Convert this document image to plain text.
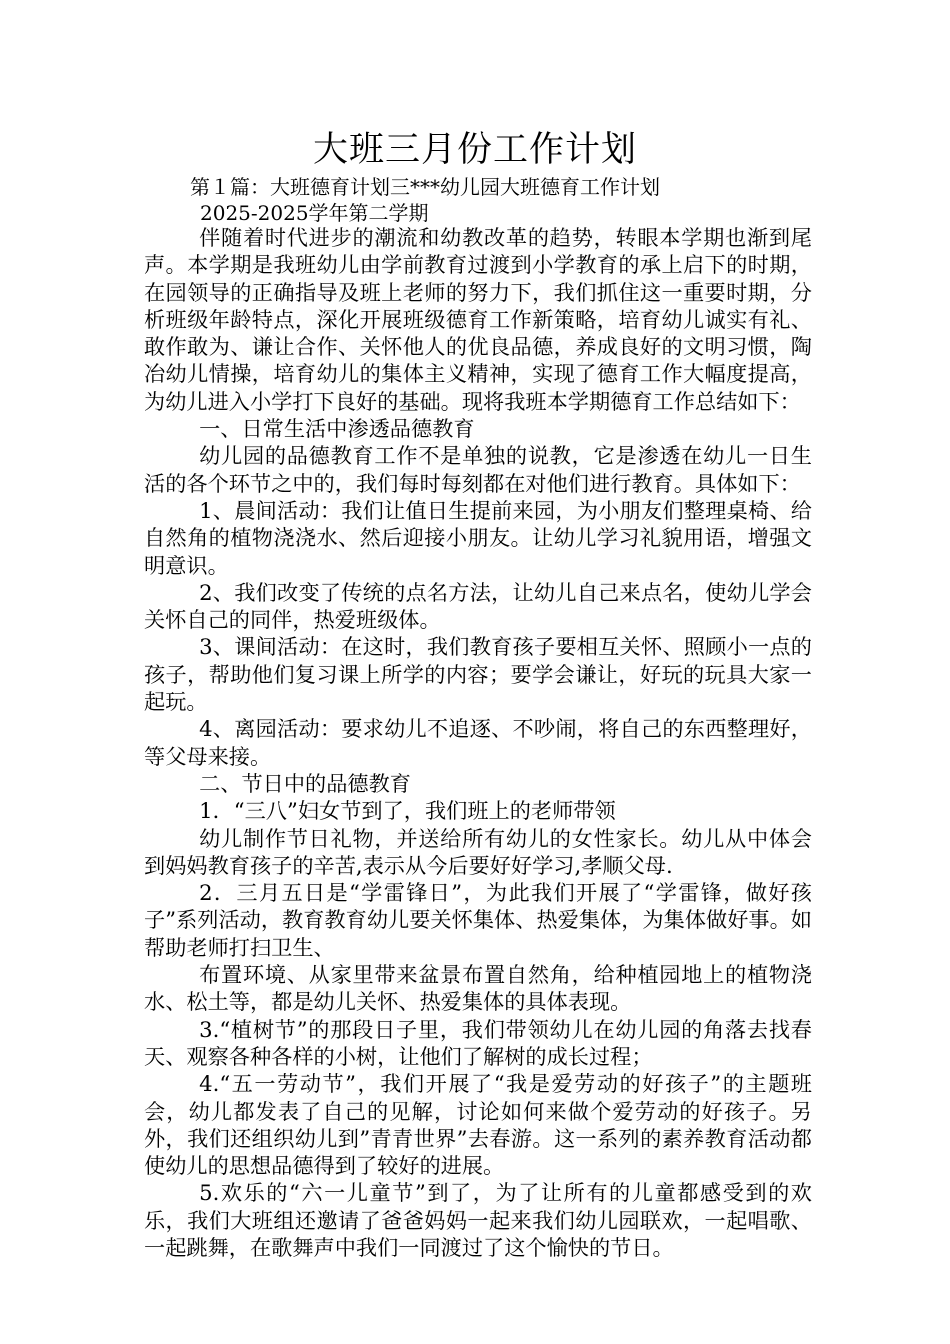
大班三月份工作计划
第１篇：大班德育计划三***幼儿园大班德育工作计划
2025-2025学年第二学期

伴随着时代进步的潮流和幼教改革的趋势，转眼本学期也渐到尾声。本学期是我班幼儿由学前教育过渡到小学教育的承上启下的时期，在园领导的正确指导及班上老师的努力下，我们抓住这一重要时期，分析班级年龄特点，深化开展班级德育工作新策略，培育幼儿诚实有礼、敢作敢为、谦让合作、关怀他人的优良品德，养成良好的文明习惯，陶冶幼儿情操，培育幼儿的集体主义精神，实现了德育工作大幅度提高，为幼儿进入小学打下良好的基础。现将我班本学期德育工作总结如下：

一、日常生活中渗透品德教育

幼儿园的品德教育工作不是单独的说教，它是渗透在幼儿一日生活的各个环节之中的，我们每时每刻都在对他们进行教育。具体如下：

1、晨间活动：我们让值日生提前来园，为小朋友们整理桌椅、给自然角的植物浇浇水、然后迎接小朋友。让幼儿学习礼貌用语，增强文明意识。

2、我们改变了传统的点名方法，让幼儿自己来点名，使幼儿学会关怀自己的同伴，热爱班级体。

3、课间活动：在这时，我们教育孩子要相互关怀、照顾小一点的孩子，帮助他们复习课上所学的内容；要学会谦让，好玩的玩具大家一起玩。

4、离园活动：要求幼儿不追逐、不吵闹，将自己的东西整理好，等父母来接。

二、节日中的品德教育

1．“三八”妇女节到了，我们班上的老师带领

幼儿制作节日礼物，并送给所有幼儿的女性家长。幼儿从中体会到妈妈教育孩子的辛苦,表示从今后要好好学习,孝顺父母.

2．三月五日是“学雷锋日”，为此我们开展了“学雷锋，做好孩子”系列活动，教育教育幼儿要关怀集体、热爱集体，为集体做好事。如帮助老师打扫卫生、

布置环境、从家里带来盆景布置自然角，给种植园地上的植物浇水、松土等，都是幼儿关怀、热爱集体的具体表现。

3.“植树节”的那段日子里，我们带领幼儿在幼儿园的角落去找春天、观察各种各样的小树，让他们了解树的成长过程；

4.“五一劳动节”，我们开展了“我是爱劳动的好孩子”的主题班会，幼儿都发表了自己的见解，讨论如何来做个爱劳动的好孩子。另外，我们还组织幼儿到”青青世界”去春游。这一系列的素养教育活动都使幼儿的思想品德得到了较好的进展。

5.欢乐的“六一儿童节”到了，为了让所有的儿童都感受到的欢乐，我们大班组还邀请了爸爸妈妈一起来我们幼儿园联欢，一起唱歌、一起跳舞，在歌舞声中我们一同渡过了这个愉快的节日。
